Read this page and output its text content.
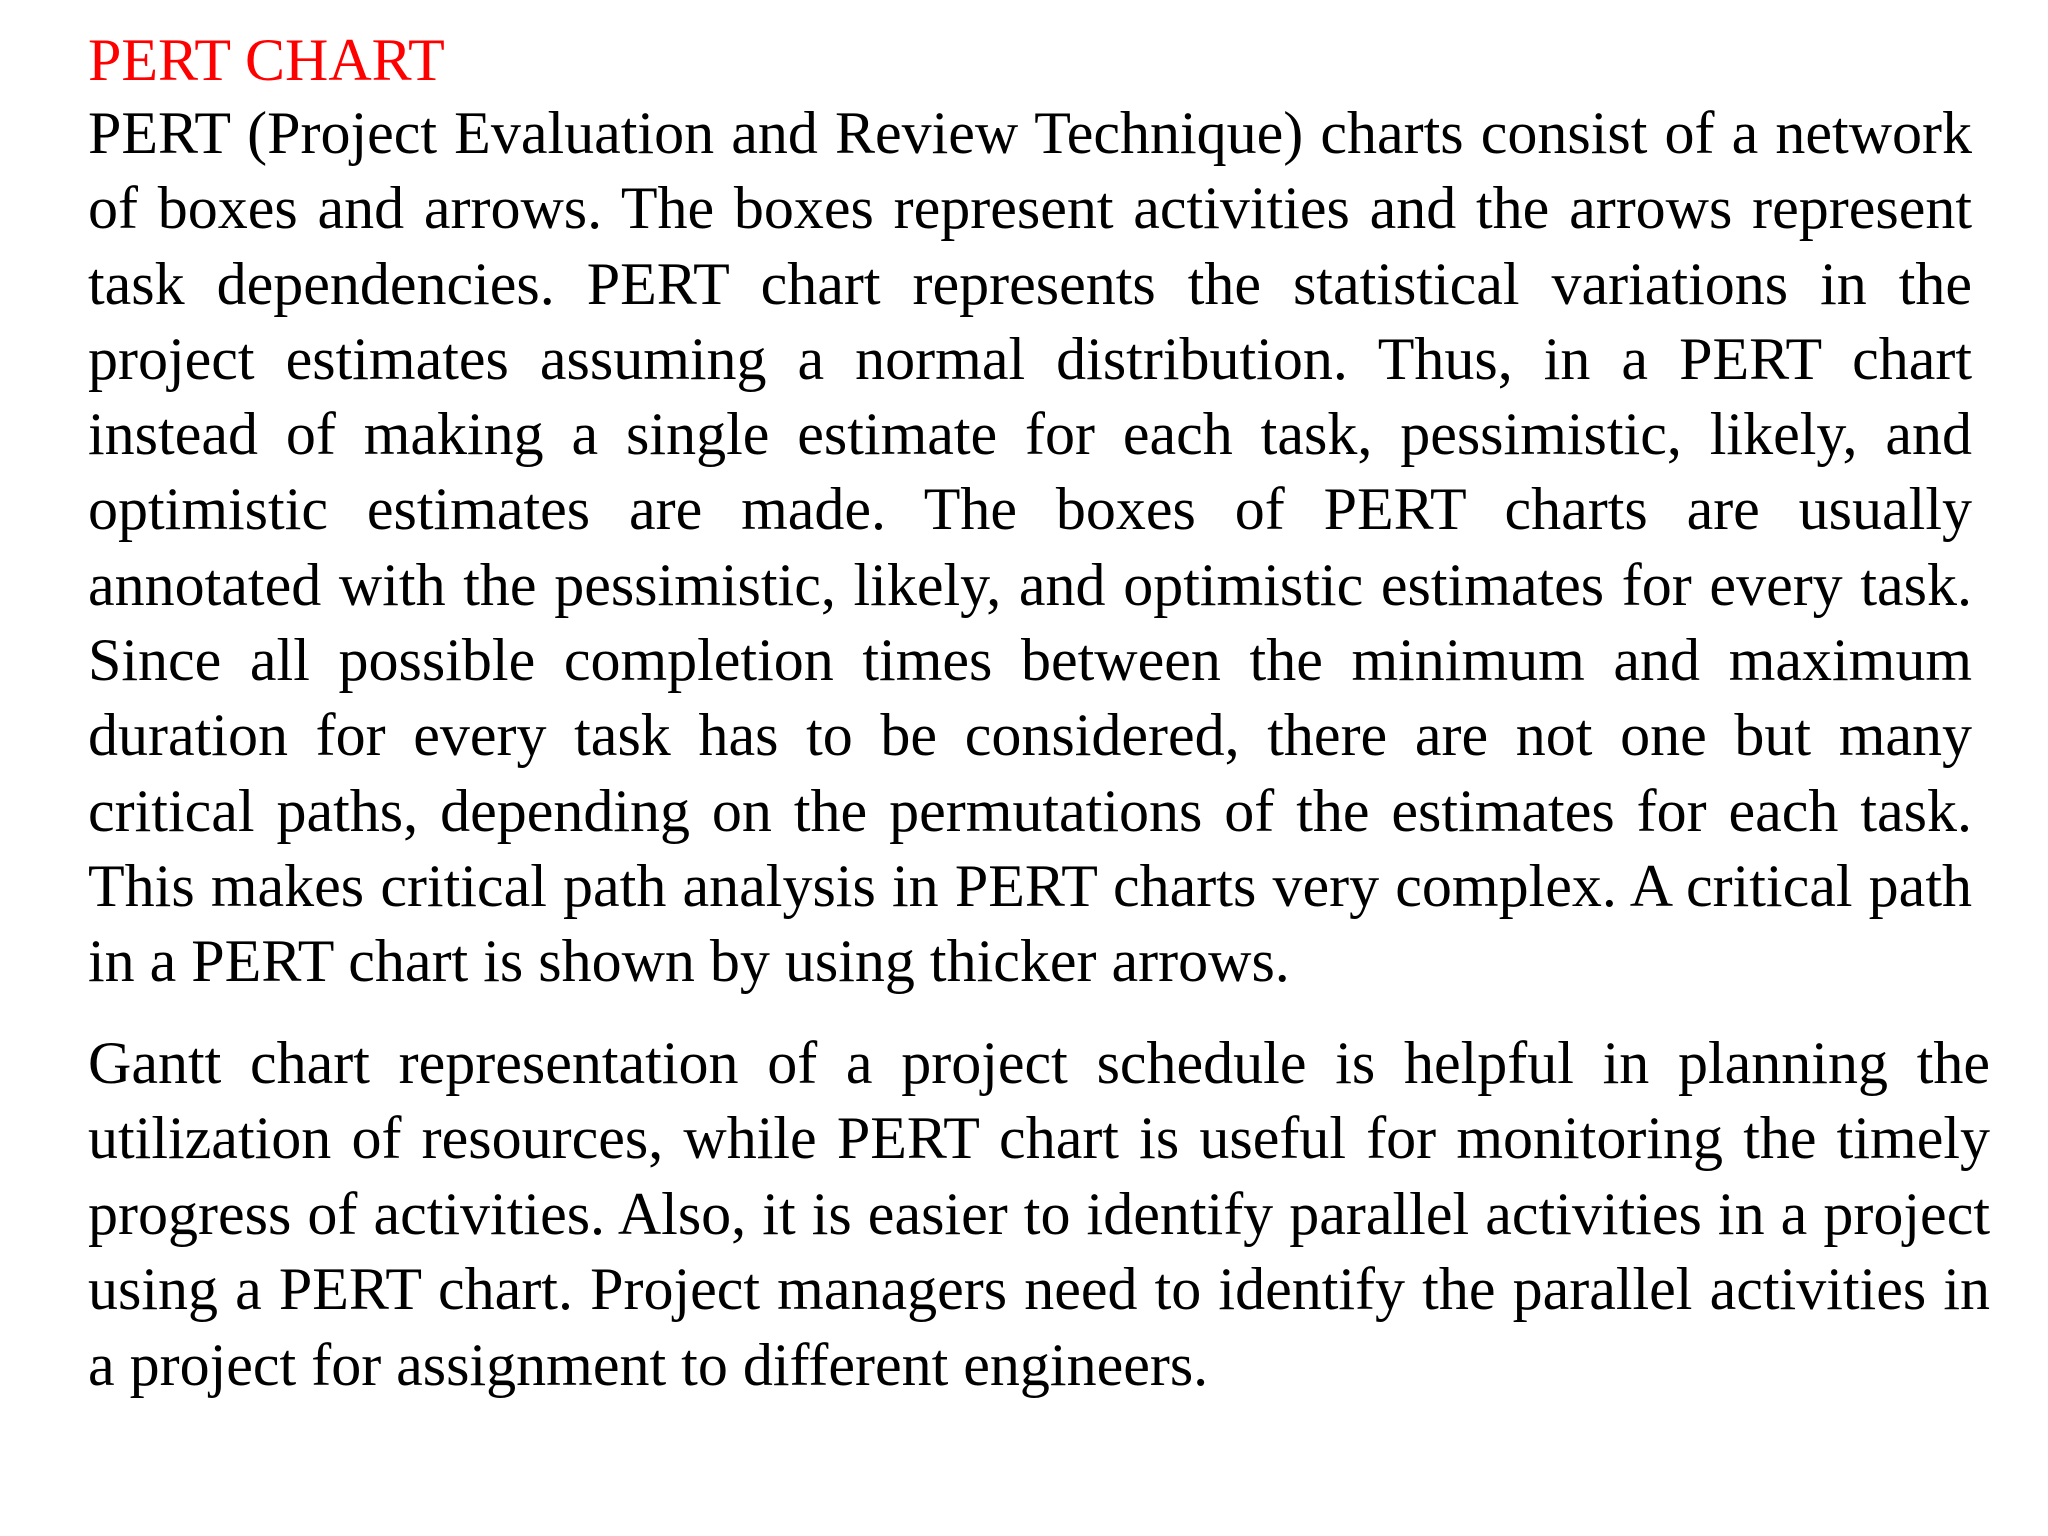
PERT CHART

PERT (Project Evaluation and Review Technique) charts consist of a network of boxes and arrows. The boxes represent activities and the arrows represent task dependencies. PERT chart represents the statistical variations in the project estimates assuming a normal distribution. Thus, in a PERT chart instead of making a single estimate for each task, pessimistic, likely, and optimistic estimates are made. The boxes of PERT charts are usually annotated with the pessimistic, likely, and optimistic estimates for every task. Since all possible completion times between the minimum and maximum duration for every task has to be considered, there are not one but many critical paths, depending on the permutations of the estimates for each task. This makes critical path analysis in PERT charts very complex. A critical path in a PERT chart is shown by using thicker arrows.

Gantt chart representation of a project schedule is helpful in planning the utilization of resources, while PERT chart is useful for monitoring the timely progress of activities. Also, it is easier to identify parallel activities in a project using a PERT chart. Project managers need to identify the parallel activities in a project for assignment to different engineers.
